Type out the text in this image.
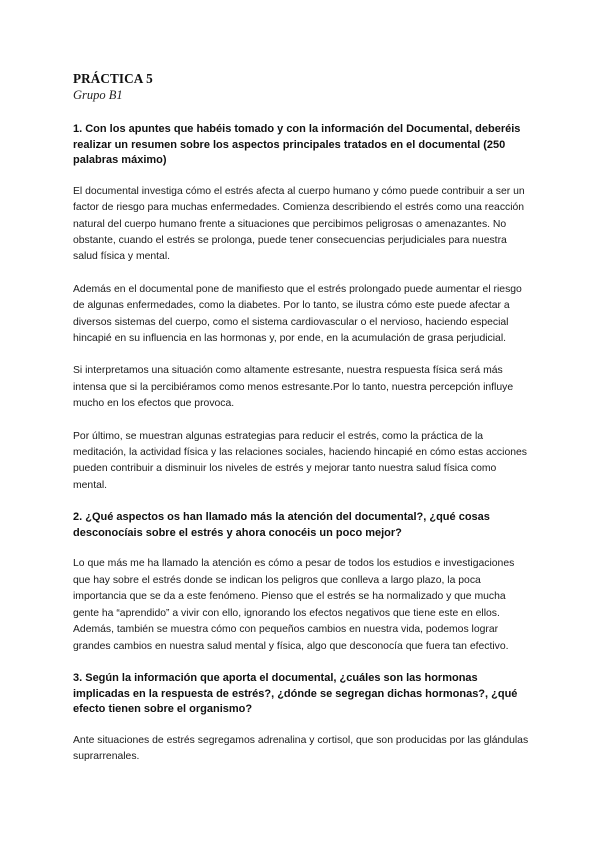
PRÁCTICA 5

Grupo B1

1. Con los apuntes que habéis tomado y con la información del Documental, deberéis realizar un resumen sobre los aspectos principales tratados en el documental (250 palabras máximo)

El documental investiga cómo el estrés afecta al cuerpo humano y cómo puede contribuir a ser un factor de riesgo para muchas enfermedades. Comienza describiendo el estrés como una reacción natural del cuerpo humano frente a situaciones que percibimos peligrosas o amenazantes. No obstante, cuando el estrés se prolonga, puede tener consecuencias perjudiciales para nuestra salud física y mental.

Además en el documental pone de manifiesto que el estrés prolongado puede aumentar el riesgo de algunas enfermedades, como la diabetes. Por lo tanto, se ilustra cómo este puede afectar a diversos sistemas del cuerpo, como el sistema cardiovascular o el nervioso, haciendo especial hincapié en su influencia en las hormonas y, por ende, en la acumulación de grasa perjudicial.

Si interpretamos una situación como altamente estresante, nuestra respuesta física será más intensa que si la percibiéramos como menos estresante.Por lo tanto, nuestra percepción influye mucho en los efectos que provoca.

Por último, se muestran algunas estrategias para reducir el estrés, como la práctica de la meditación, la actividad física y las relaciones sociales, haciendo hincapié en cómo estas acciones pueden contribuir a disminuir los niveles de estrés y mejorar tanto nuestra salud física como mental.

2. ¿Qué aspectos os han llamado más la atención del documental?, ¿qué cosas desconocíais sobre el estrés y ahora conocéis un poco mejor?

Lo que más me ha llamado la atención es cómo a pesar de todos los estudios e investigaciones que hay sobre el estrés donde se indican los peligros que conlleva a largo plazo, la poca importancia que se da a este fenómeno. Pienso que el estrés se ha normalizado y que mucha gente ha “aprendido” a vivir con ello, ignorando los efectos negativos que tiene este en ellos.

Además, también se muestra cómo con pequeños cambios en nuestra vida, podemos lograr grandes cambios en nuestra salud mental y física, algo que desconocía que fuera tan efectivo.

3. Según la información que aporta el documental, ¿cuáles son las hormonas implicadas en la respuesta de estrés?, ¿dónde se segregan dichas hormonas?, ¿qué efecto tienen sobre el organismo?

Ante situaciones de estrés segregamos adrenalina y cortisol, que son producidas por las glándulas suprarrenales.
